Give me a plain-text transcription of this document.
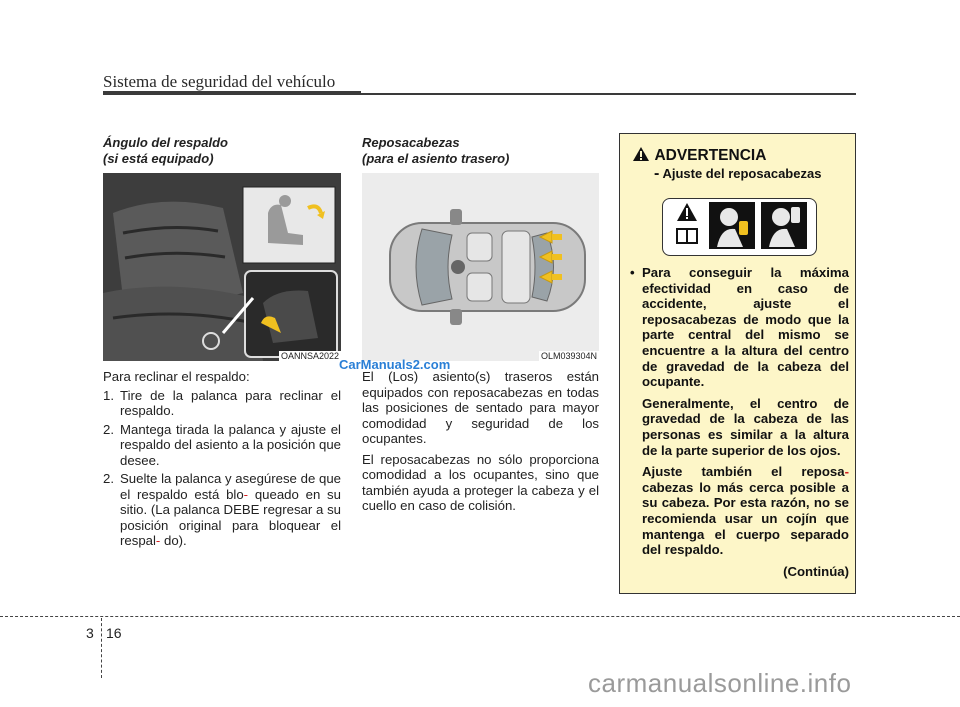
Sistema de seguridad del vehículo
Ángulo del respaldo
(si está equipado)
OANNSA2022
Para reclinar el respaldo:
1. Tire de la palanca para reclinar el respaldo.
2. Mantega tirada la palanca y ajuste el respaldo del asiento a la posición que desee.
2. Suelte la palanca y asegúrese de que el respaldo está blo- queado en su sitio. (La palanca DEBE regresar a su posición original para bloquear el respal- do).
Reposacabezas
(para el asiento trasero)
OLM039304N
El (Los) asiento(s) traseros están equipados con reposacabezas en todas las posiciones de sentado para mayor comodidad y seguridad de los ocupantes.
El reposacabezas no sólo proporciona comodidad a los ocupantes, sino que también ayuda a proteger la cabeza y el cuello en caso de colisión.
ADVERTENCIA
- Ajuste del reposacabezas
• Para conseguir la máxima efectividad en caso de accidente, ajuste el reposacabezas de modo que la parte central del mismo se encuentre a la altura del centro de gravedad de la cabeza del ocupante.
Generalmente, el centro de gravedad de la cabeza de las personas es similar a la altura de la parte superior de los ojos.
Ajuste también el reposa- cabezas lo más cerca posible a su cabeza. Por esta razón, no se recomienda usar un cojín que mantenga el cuerpo separado del respaldo.
(Continúa)
3 16
CarManuals2.com
carmanualsonline.info
